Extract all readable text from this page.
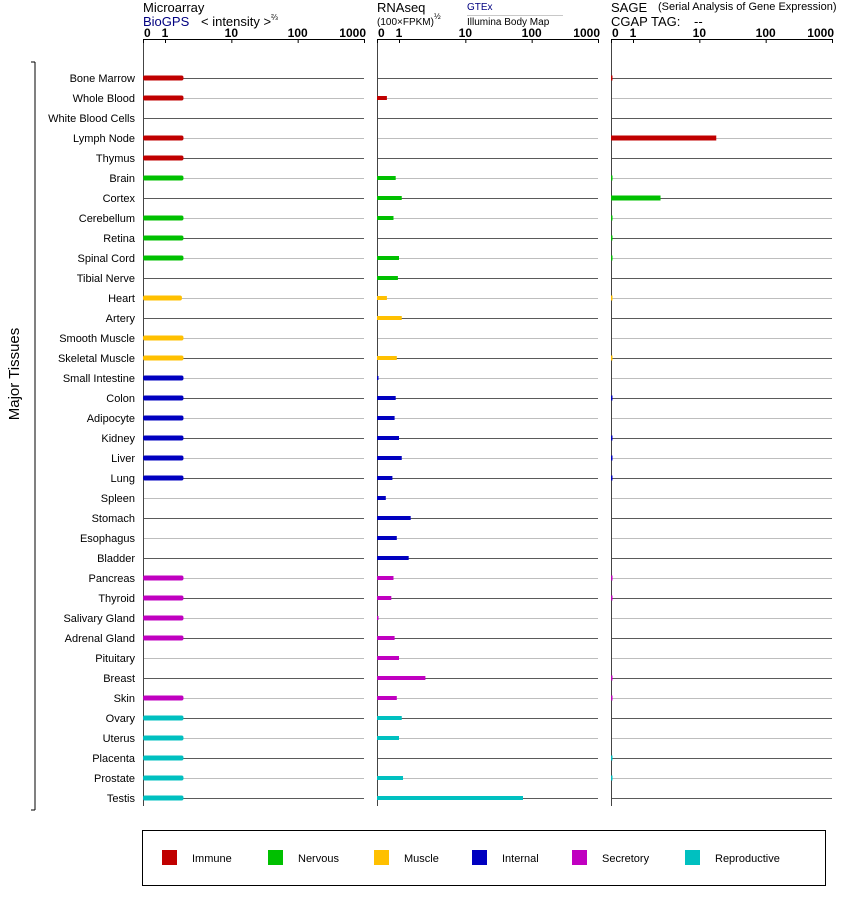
Microarray
BioGPS < intensity >$^{\frac{2}{3}}$
RNAseq
(100×FPKM)$^{\frac{1}{2}}$
GTEx
Illumina Body Map
SAGE (Serial Analysis of Gene Expression)
CGAP TAG: --
Major Tissues
Bone Marrow
Whole Blood
White Blood Cells
Lymph Node
Thymus
Brain
Cortex
Cerebellum
Retina
Spinal Cord
Tibial Nerve
Heart
Artery
Smooth Muscle
Skeletal Muscle
Small Intestine
Colon
Adipocyte
Kidney
Liver
Lung
Spleen
Stomach
Esophagus
Bladder
Pancreas
Thyroid
Salivary Gland
Adrenal Gland
Pituitary
Breast
Skin
Ovary
Uterus
Placenta
Prostate
Testis
0 1	10	100	1000 0 1	10	100	1000 0 1	10	100	1000
Immune	Nervous	Muscle	Internal	Secretory	Reproductive
